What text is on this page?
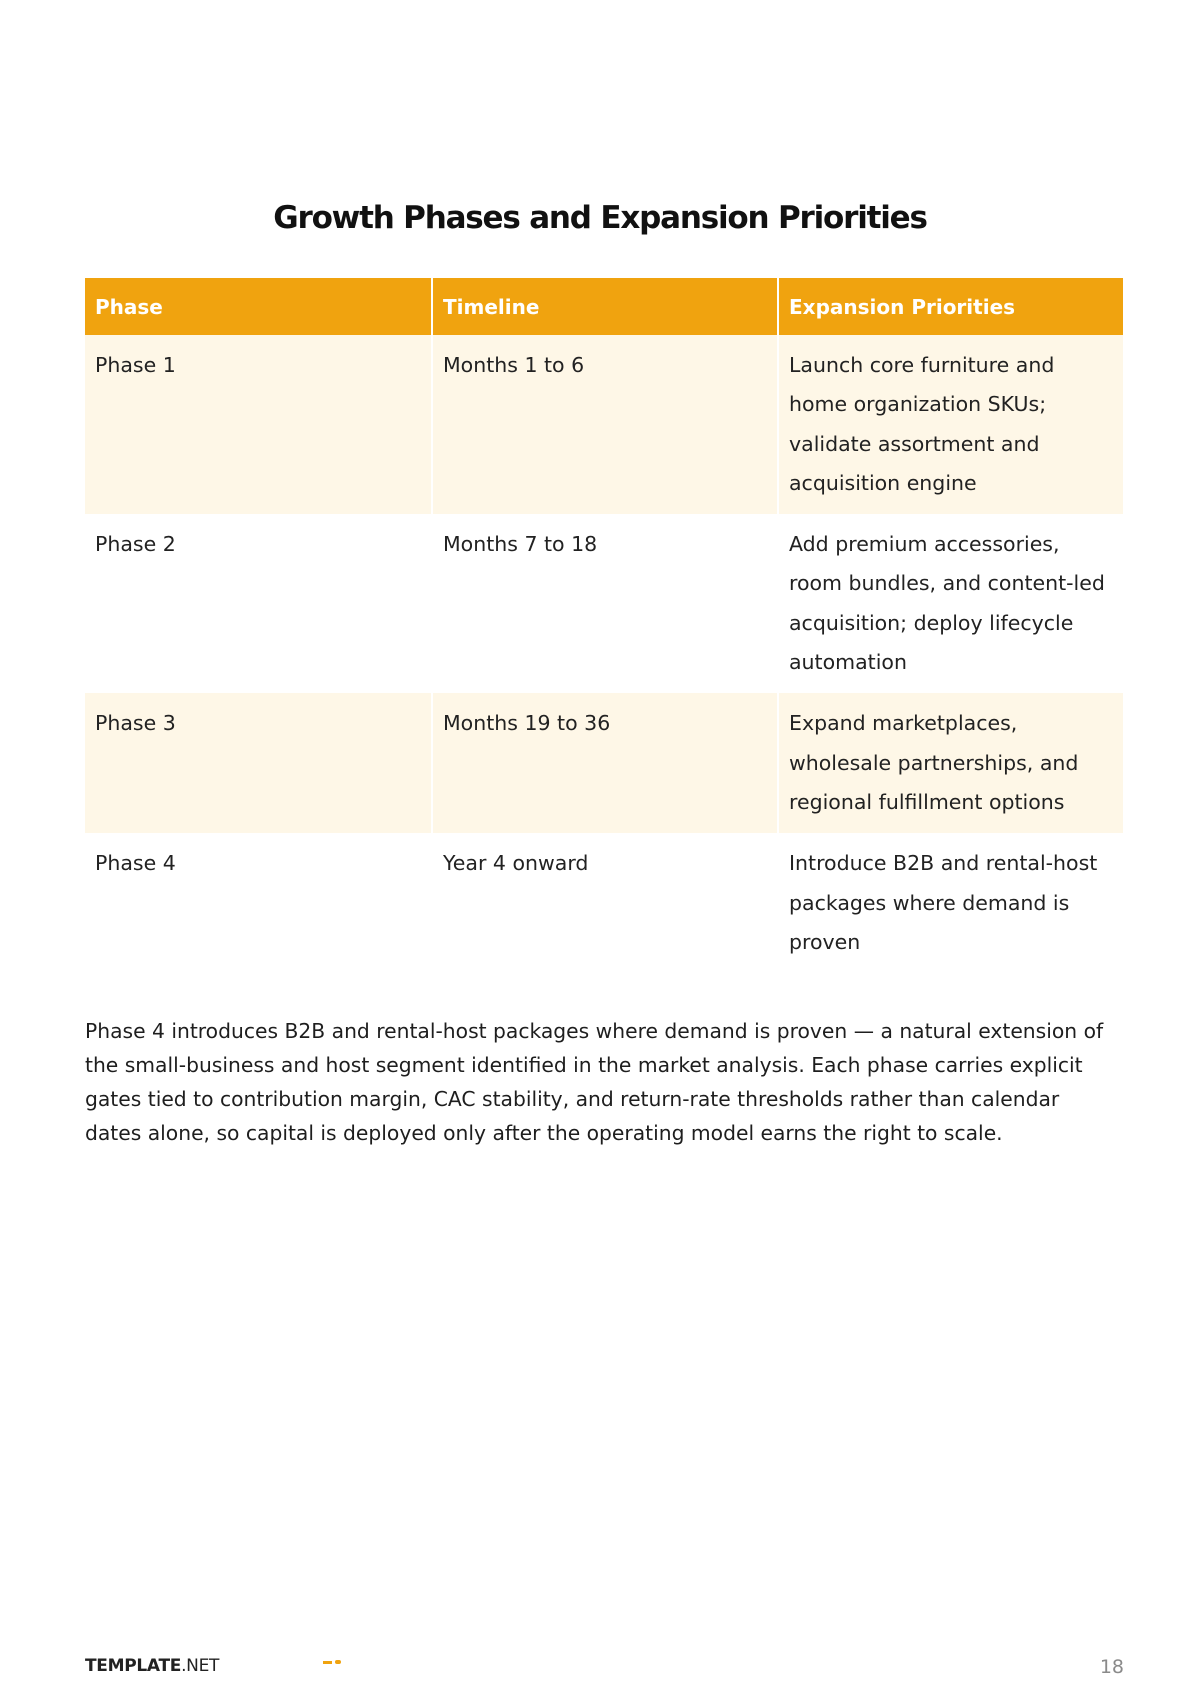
Growth Phases and Expansion Priorities
Phase	Timeline	Expansion Priorities
Phase 1	Months 1 to 6	Launch core furniture and home organization SKUs; validate assortment and acquisition engine
Phase 2	Months 7 to 18	Add premium accessories, room bundles, and content-led acquisition; deploy lifecycle automation
Phase 3	Months 19 to 36	Expand marketplaces, wholesale partnerships, and regional fulfillment options
Phase 4	Year 4 onward	Introduce B2B and rental-host packages where demand is proven

Phase 4 introduces B2B and rental-host packages where demand is proven — a natural extension of the small-business and host segment identified in the market analysis. Each phase carries explicit gates tied to contribution margin, CAC stability, and return-rate thresholds rather than calendar dates alone, so capital is deployed only after the operating model earns the right to scale.

TEMPLATE.NET	18
